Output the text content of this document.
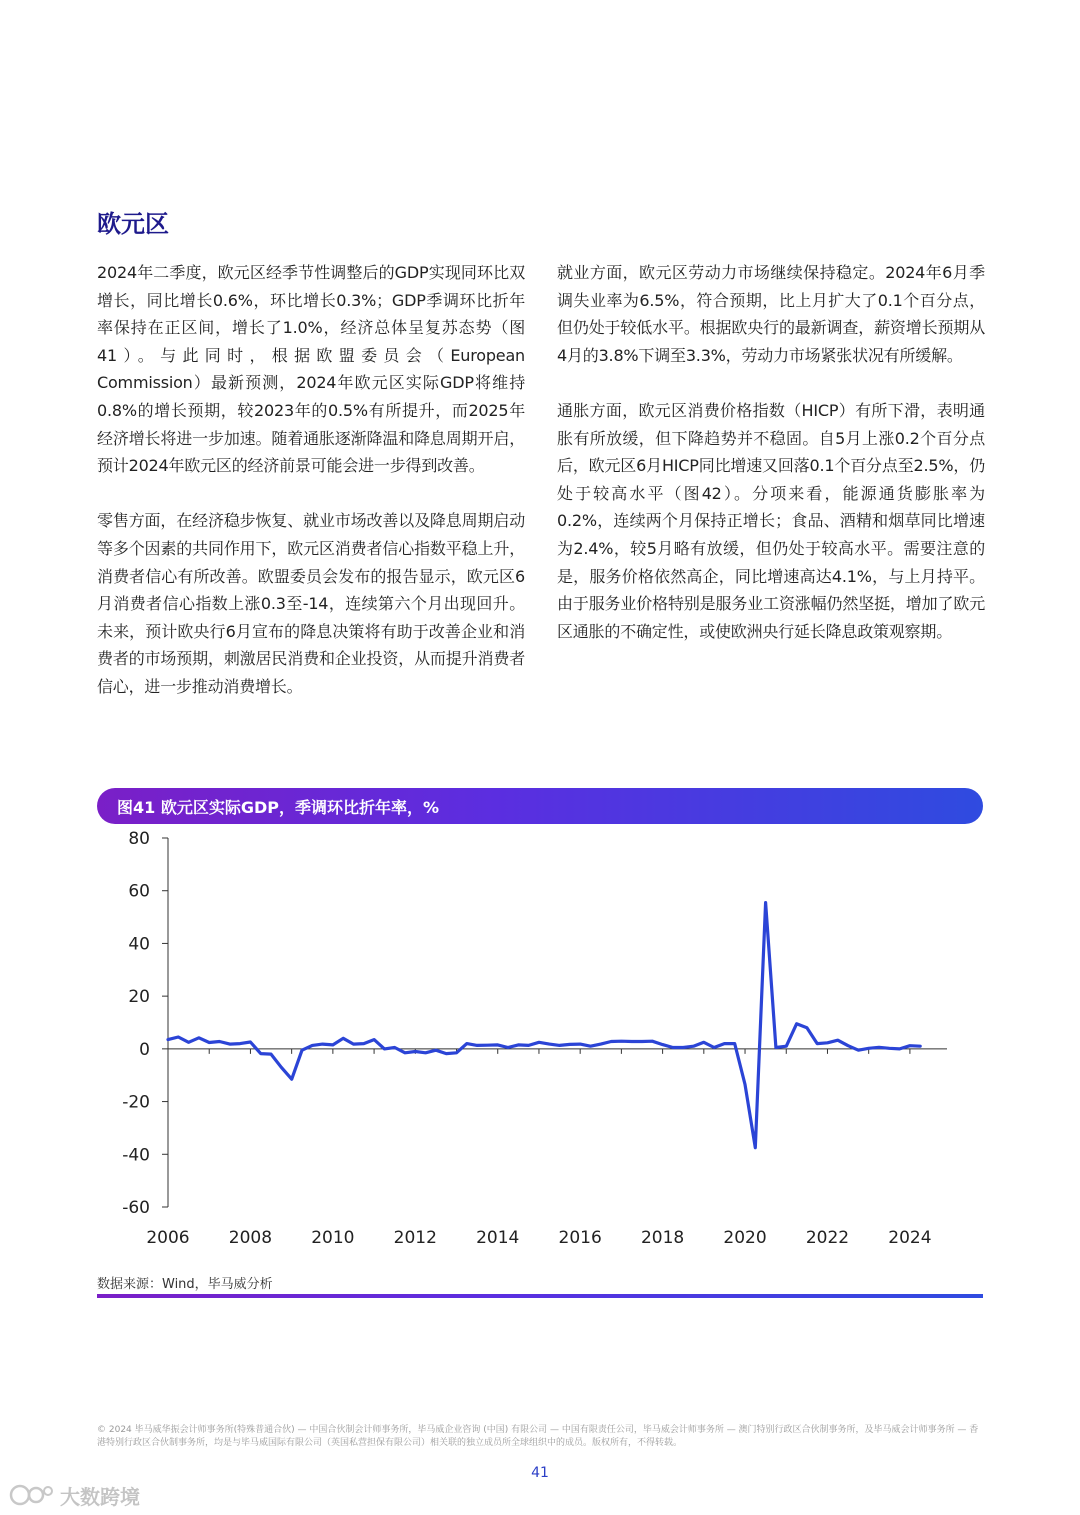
欧元区

2024年二季度，欧元区经季节性调整后的GDP实现同环比双增长，同比增长0.6%，环比增长0.3%；GDP季调环比折年率保持在正区间，增长了1.0%，经济总体呈复苏态势（图41）。与此同时，根据欧盟委员会（European Commission）最新预测，2024年欧元区实际GDP将维持0.8%的增长预期，较2023年的0.5%有所提升，而2025年经济增长将进一步加速。随着通胀逐渐降温和降息周期开启，预计2024年欧元区的经济前景可能会进一步得到改善。

零售方面，在经济稳步恢复、就业市场改善以及降息周期启动等多个因素的共同作用下，欧元区消费者信心指数平稳上升，消费者信心有所改善。欧盟委员会发布的报告显示，欧元区6月消费者信心指数上涨0.3至-14，连续第六个月出现回升。未来，预计欧央行6月宣布的降息决策将有助于改善企业和消费者的市场预期，刺激居民消费和企业投资，从而提升消费者信心，进一步推动消费增长。

就业方面，欧元区劳动力市场继续保持稳定。2024年6月季调失业率为6.5%，符合预期，比上月扩大了0.1个百分点，但仍处于较低水平。根据欧央行的最新调查，薪资增长预期从4月的3.8%下调至3.3%，劳动力市场紧张状况有所缓解。

通胀方面，欧元区消费价格指数（HICP）有所下滑，表明通胀有所放缓，但下降趋势并不稳固。自5月上涨0.2个百分点后，欧元区6月HICP同比增速又回落0.1个百分点至2.5%，仍处于较高水平（图42）。分项来看，能源通货膨胀率为0.2%，连续两个月保持正增长；食品、酒精和烟草同比增速为2.4%，较5月略有放缓，但仍处于较高水平。需要注意的是，服务价格依然高企，同比增速高达4.1%，与上月持平。由于服务业价格特别是服务业工资涨幅仍然坚挺，增加了欧元区通胀的不确定性，或使欧洲央行延长降息政策观察期。

图41 欧元区实际GDP，季调环比折年率，%
80
60
40
20
0
-20
-40
-60
2006 2008 2010 2012 2014 2016 2018 2020 2022 2024
数据来源：Wind，毕马威分析
© 2024 毕马威华振会计师事务所(特殊普通合伙) — 中国合伙制会计师事务所，毕马威企业咨询 (中国) 有限公司 — 中国有限责任公司，毕马威会计师事务所 — 澳门特别行政区合伙制事务所，及毕马威会计师事务所 — 香港特别行政区合伙制事务所，均是与毕马威国际有限公司（英国私营担保有限公司）相关联的独立成员所全球组织中的成员。版权所有，不得转载。
41
大数跨境
